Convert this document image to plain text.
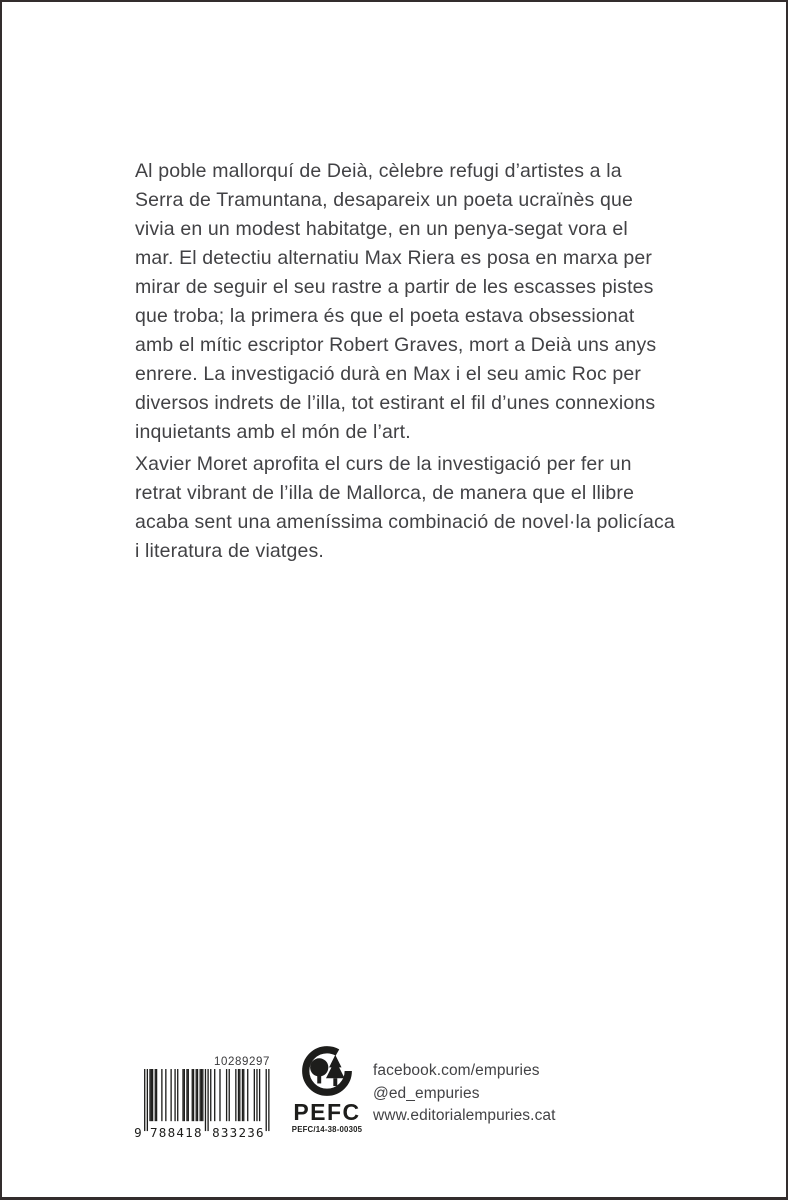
Al poble mallorquí de Deià, cèlebre refugi d’artistes a la
Serra de Tramuntana, desapareix un poeta ucraïnès que
vivia en un modest habitatge, en un penya-segat vora el
mar. El detectiu alternatiu Max Riera es posa en marxa per
mirar de seguir el seu rastre a partir de les escasses pistes
que troba; la primera és que el poeta estava obsessionat
amb el mític escriptor Robert Graves, mort a Deià uns anys
enrere. La investigació durà en Max i el seu amic Roc per
diversos indrets de l’illa, tot estirant el fil d’unes connexions
inquietants amb el món de l’art.

Xavier Moret aprofita el curs de la investigació per fer un
retrat vibrant de l’illa de Mallorca, de manera que el llibre
acaba sent una ameníssima combinació de novel·la policíaca
i literatura de viatges.

10289297
9 788418 833236
PEFC
PEFC/14-38-00305
facebook.com/empuries
@ed_empuries
www.editorialempuries.cat
